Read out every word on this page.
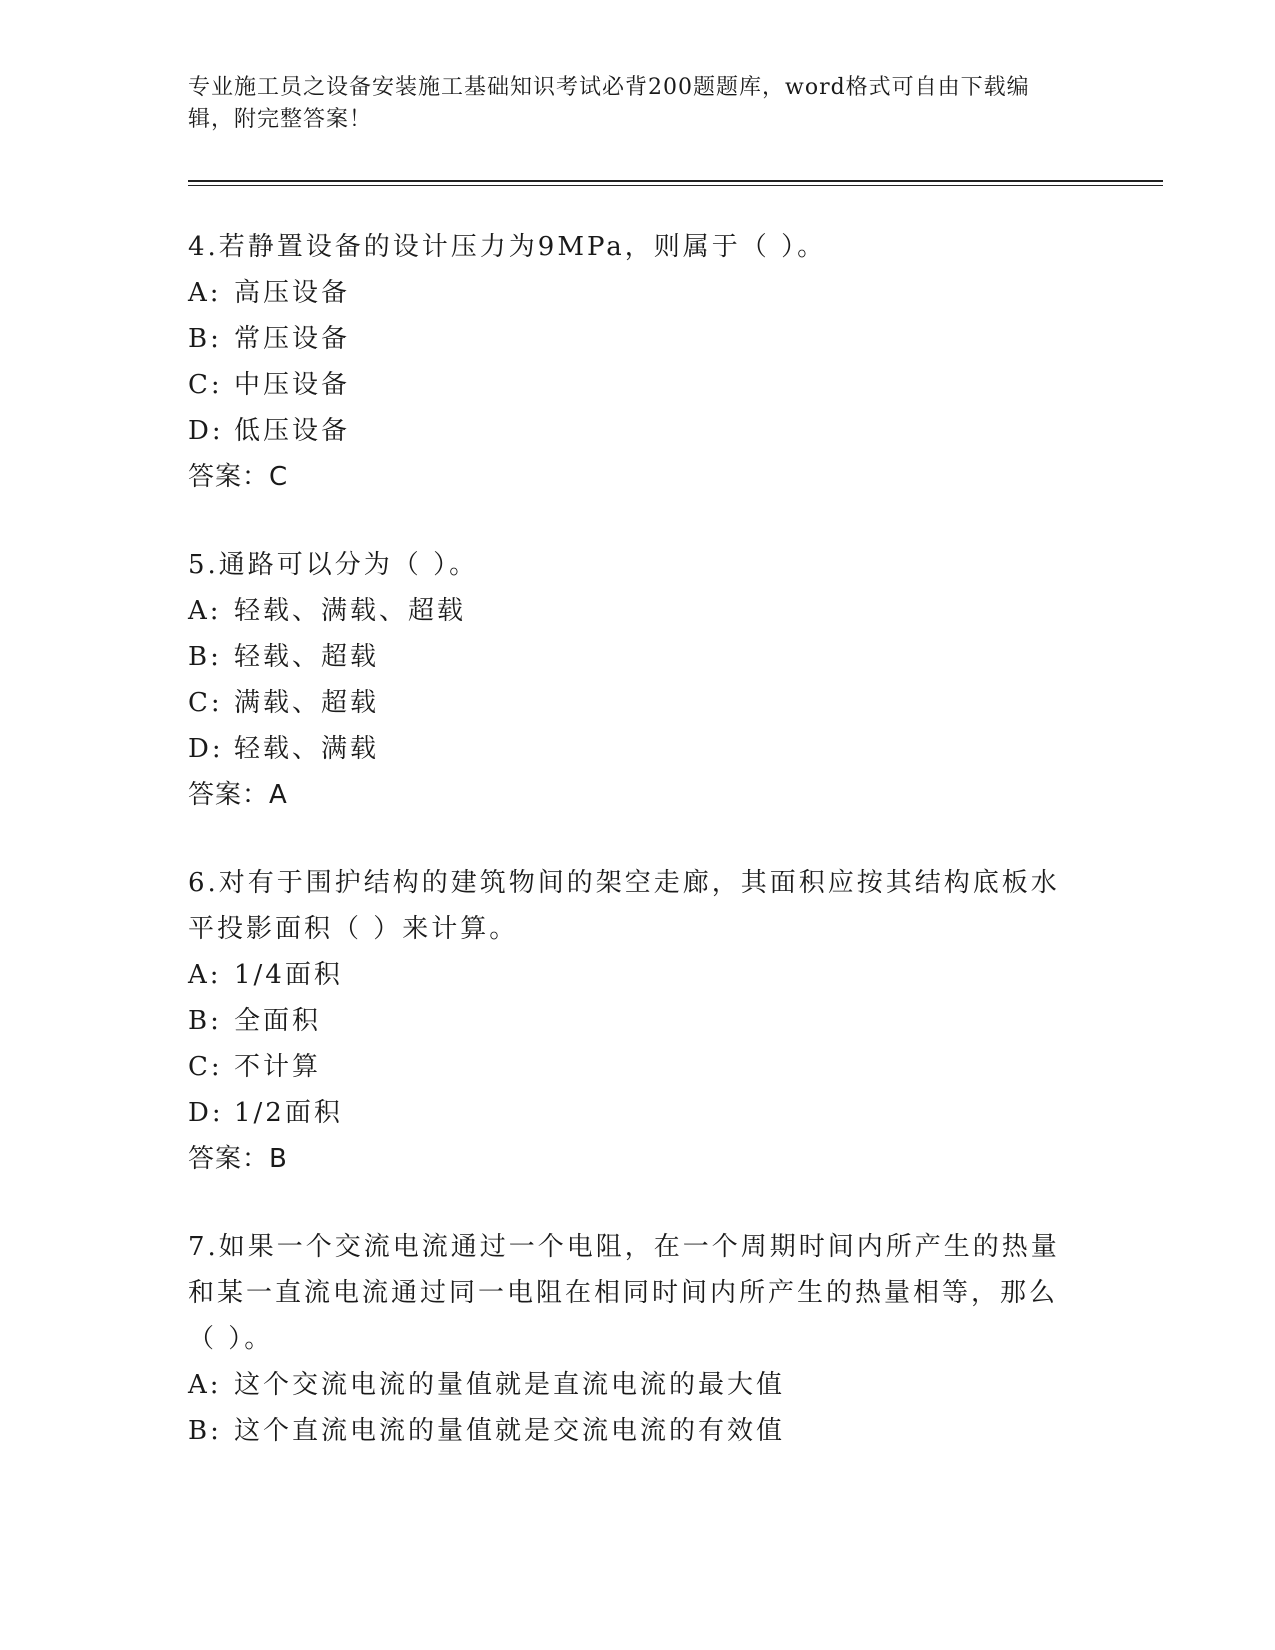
专业施工员之设备安装施工基础知识考试必背200题题库，word格式可自由下载编辑，附完整答案！
4.若静置设备的设计压力为9MPa，则属于（ ）。
A: 高压设备
B: 常压设备
C: 中压设备
D: 低压设备
答案：C
5.通路可以分为（ ）。
A: 轻载、满载、超载
B: 轻载、超载
C: 满载、超载
D: 轻载、满载
答案：A
6.对有于围护结构的建筑物间的架空走廊，其面积应按其结构底板水平投影面积（ ）来计算。
A: 1/4面积
B: 全面积
C: 不计算
D: 1/2面积
答案：B
7.如果一个交流电流通过一个电阻，在一个周期时间内所产生的热量和某一直流电流通过同一电阻在相同时间内所产生的热量相等，那么（ ）。
A: 这个交流电流的量值就是直流电流的最大值
B: 这个直流电流的量值就是交流电流的有效值
